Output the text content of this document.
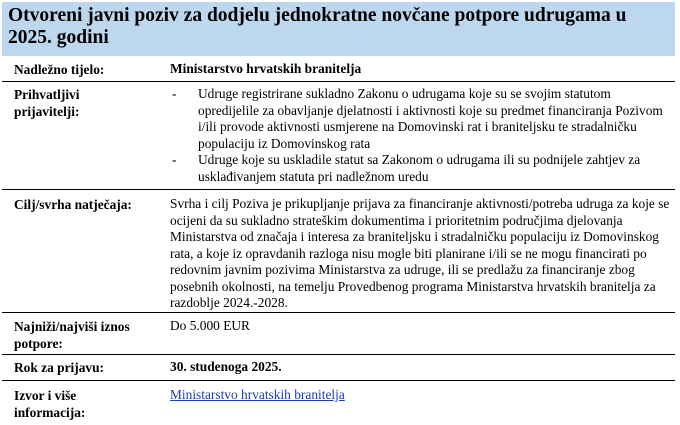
Otvoreni javni poziv za dodjelu jednokratne novčane potpore udrugama u 2025. godini
Nadležno tijelo:	Ministarstvo hrvatskih branitelja
Prihvatljivi prijavitelji:
- Udruge registrirane sukladno Zakonu o udrugama koje su se svojim statutom opredijelile za obavljanje djelatnosti i aktivnosti koje su predmet financiranja Pozivom i/ili provode aktivnosti usmjerene na Domovinski rat i braniteljsku te stradalničku populaciju iz Domovinskog rata
- Udruge koje su uskladile statut sa Zakonom o udrugama ili su podnijele zahtjev za usklađivanjem statuta pri nadležnom uredu
Cilj/svrha natječaja:	Svrha i cilj Poziva je prikupljanje prijava za financiranje aktivnosti/potreba udruga za koje se ocijeni da su sukladno strateškim dokumentima i prioritetnim područjima djelovanja Ministarstva od značaja i interesa za braniteljsku i stradalničku populaciju iz Domovinskog rata, a koje iz opravdanih razloga nisu mogle biti planirane i/ili se ne mogu financirati po redovnim javnim pozivima Ministarstva za udruge, ili se predlažu za financiranje zbog posebnih okolnosti, na temelju Provedbenog programa Ministarstva hrvatskih branitelja za razdoblje 2024.-2028.
Najniži/najviši iznos potpore:
Do 5.000 EUR
Rok za prijavu:	30. studenoga 2025.
Izvor i više informacija:
Ministarstvo hrvatskih branitelja
